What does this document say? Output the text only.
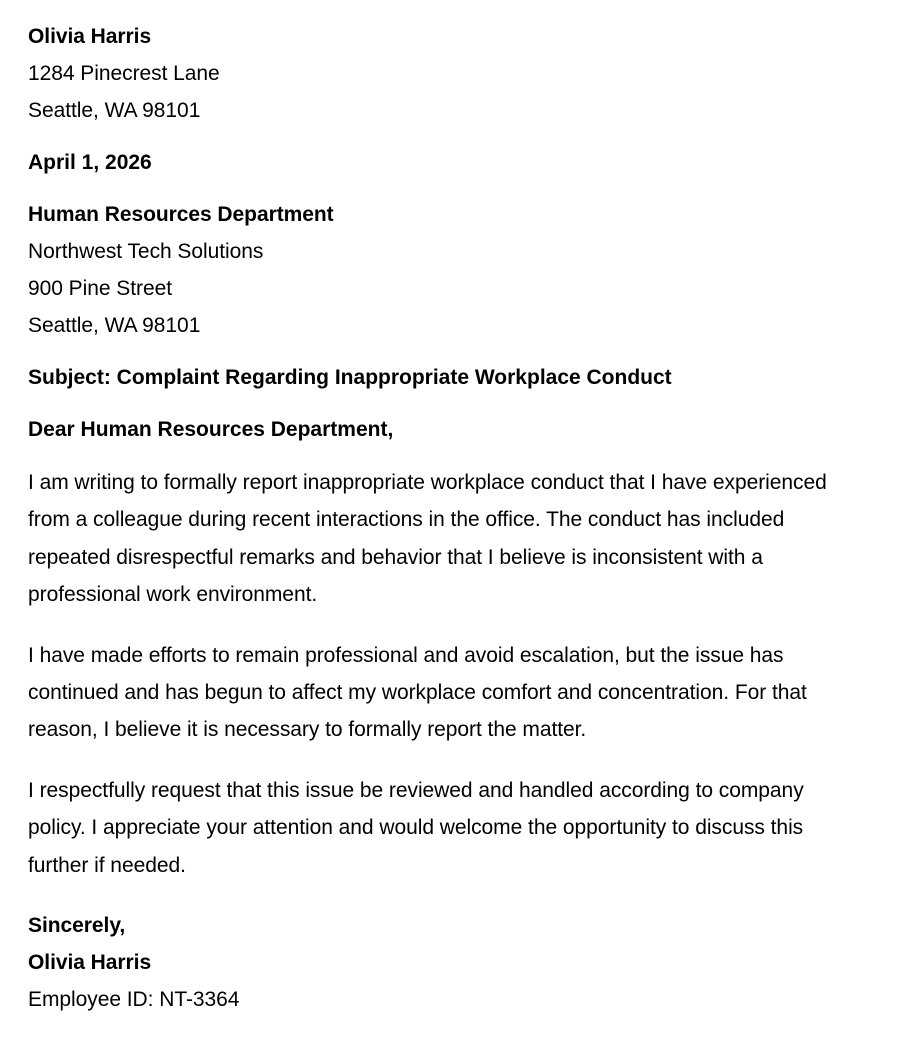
Olivia Harris
1284 Pinecrest Lane
Seattle, WA 98101
April 1, 2026
Human Resources Department
Northwest Tech Solutions
900 Pine Street
Seattle, WA 98101
Subject: Complaint Regarding Inappropriate Workplace Conduct
Dear Human Resources Department,

I am writing to formally report inappropriate workplace conduct that I have experienced from a colleague during recent interactions in the office. The conduct has included repeated disrespectful remarks and behavior that I believe is inconsistent with a professional work environment.

I have made efforts to remain professional and avoid escalation, but the issue has continued and has begun to affect my workplace comfort and concentration. For that reason, I believe it is necessary to formally report the matter.

I respectfully request that this issue be reviewed and handled according to company policy. I appreciate your attention and would welcome the opportunity to discuss this further if needed.

Sincerely,
Olivia Harris
Employee ID: NT-3364
